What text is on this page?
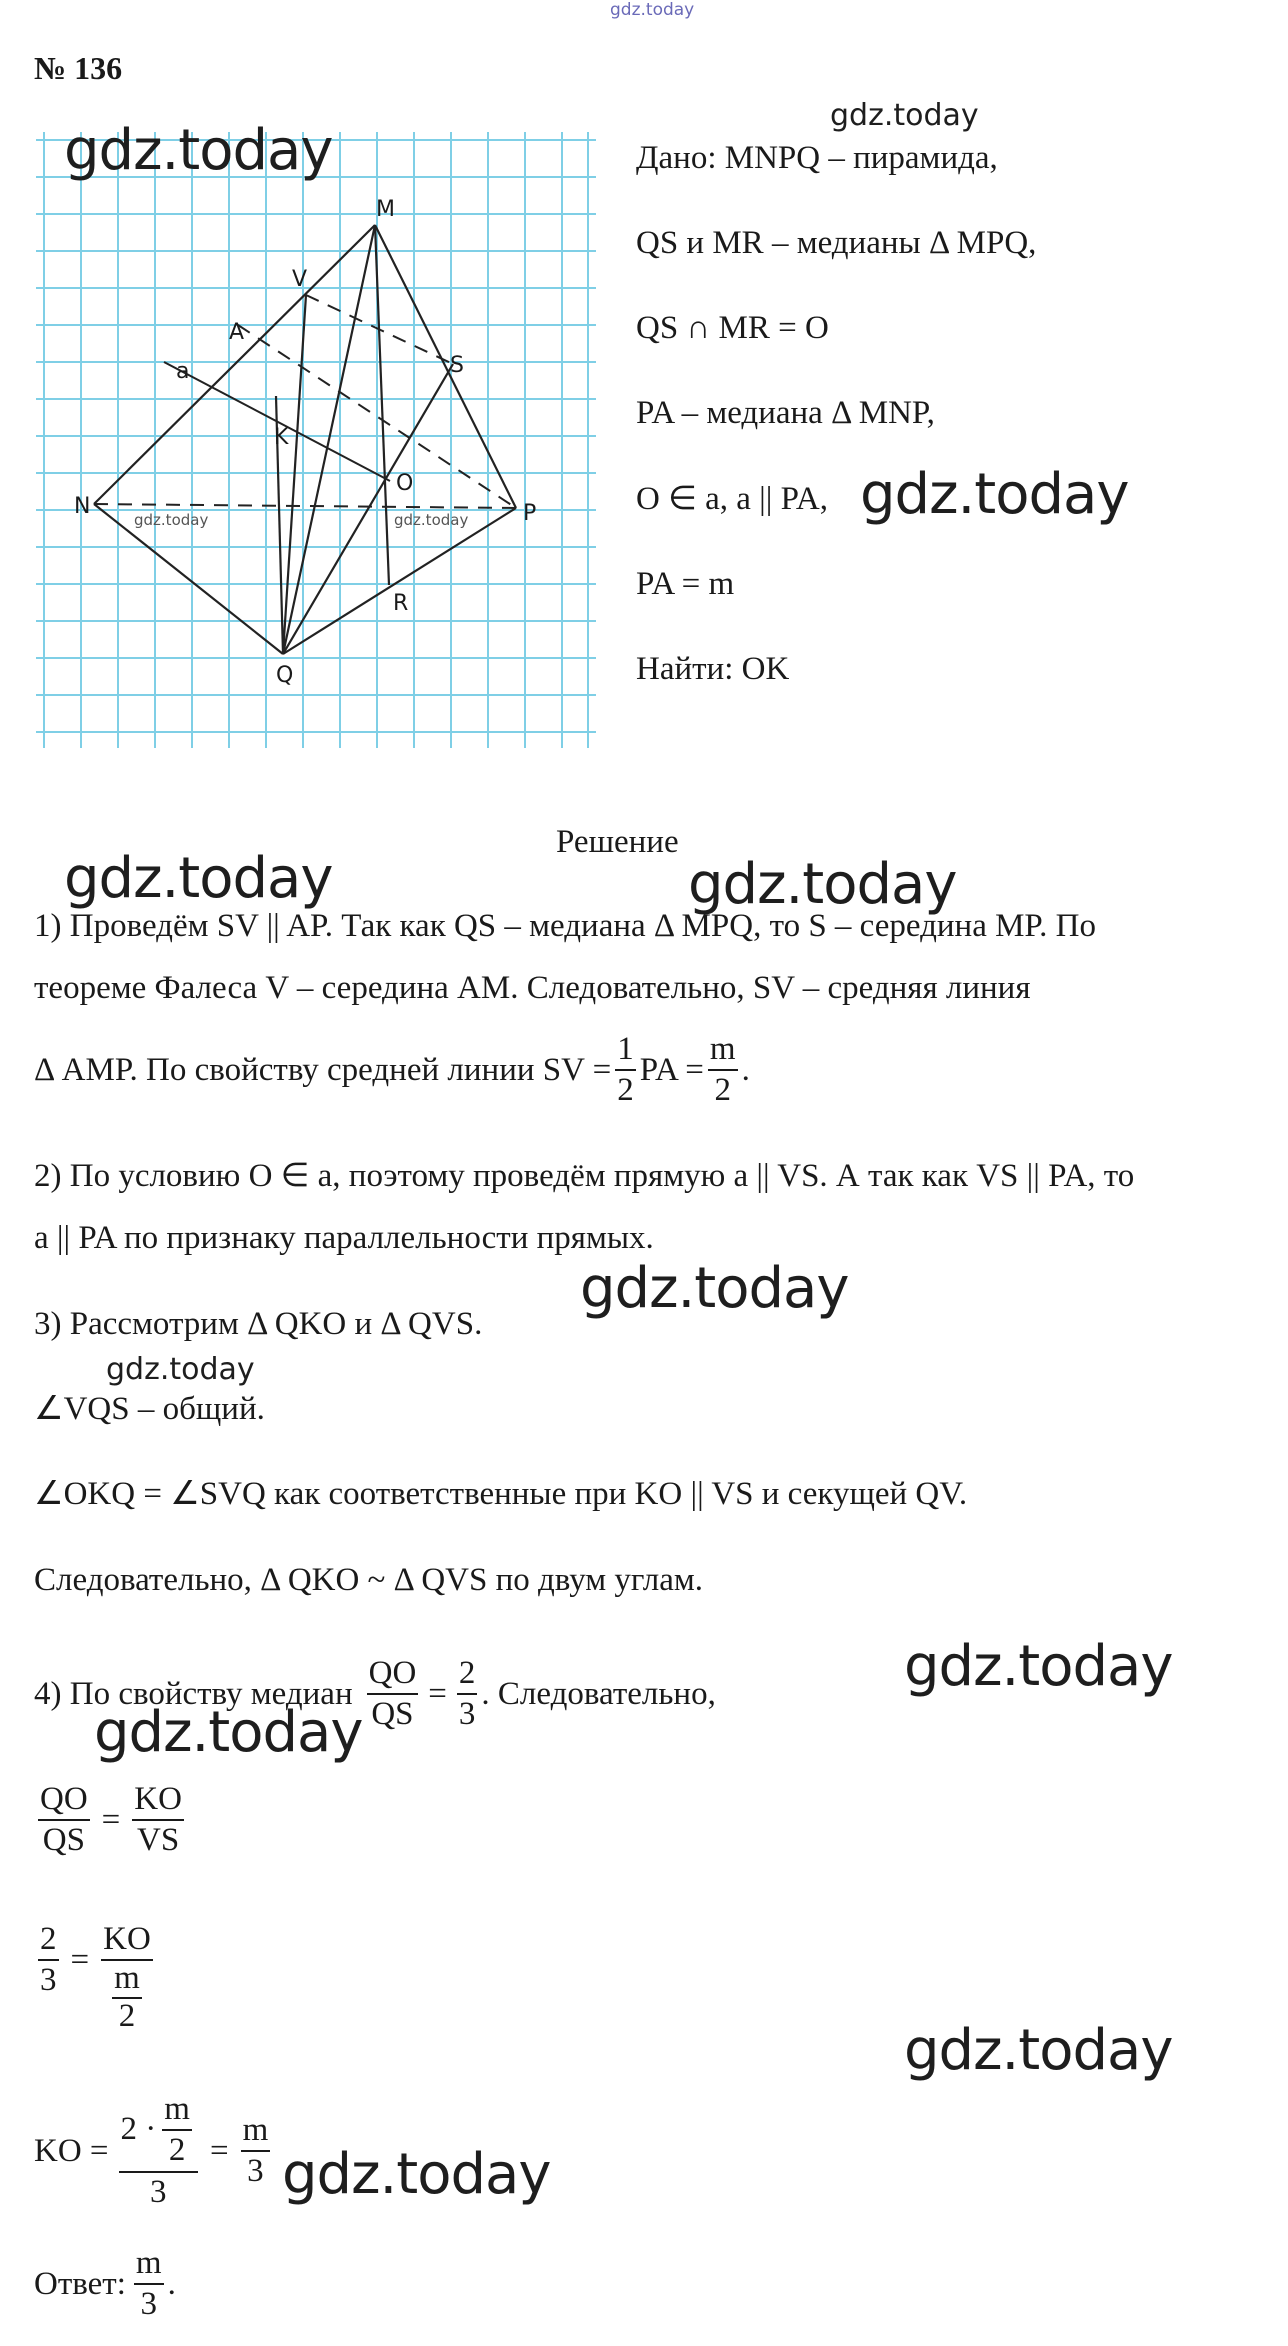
gdz.today
№ 136
M
N	P
Q
A
V
S
K
O
R
a
gdz.today	gdz.today
Дано: MNPQ – пирамида,
QS и MR – медианы Δ MPQ,
QS ∩ MR = O
PA – медиана Δ MNP,
O ∈ a, a || PA,
PA = m
Найти: OK
Решение
1) Проведём SV || AP. Так как QS – медиана Δ MPQ, то S – середина MP. По
теореме Фалеса V – середина AM. Следовательно, SV – средняя линия
Δ AMP. По свойству средней линии SV = $\frac{1}{2}$ PA = $\frac{m}{2}$ .
2) По условию O ∈ a, поэтому проведём прямую a || VS. А так как VS || PA, то
a || PA по признаку параллельности прямых.
3) Рассмотрим Δ QKO и Δ QVS.
∠VQS – общий.
∠OKQ = ∠SVQ как соответственные при KO || VS и секущей QV.
Следовательно, Δ QKO ~ Δ QVS по двум углам.
4) По свойству медиан $\frac{QO}{QS} = \frac{2}{3}$ . Следовательно,
$\frac{QO}{QS} = \frac{KO}{VS}$
$\frac{2}{3} = \frac{KO}{\frac{m}{2}}$
KO = $\frac{2 \cdot \frac{m}{2}}{3} = \frac{m}{3}$
Ответ: $\frac{m}{3}$ .
gdz.today
gdz.today
gdz.today
gdz.today	gdz.today
gdz.today
gdz.today
gdz.today
gdz.today
gdz.today
gdz.today
